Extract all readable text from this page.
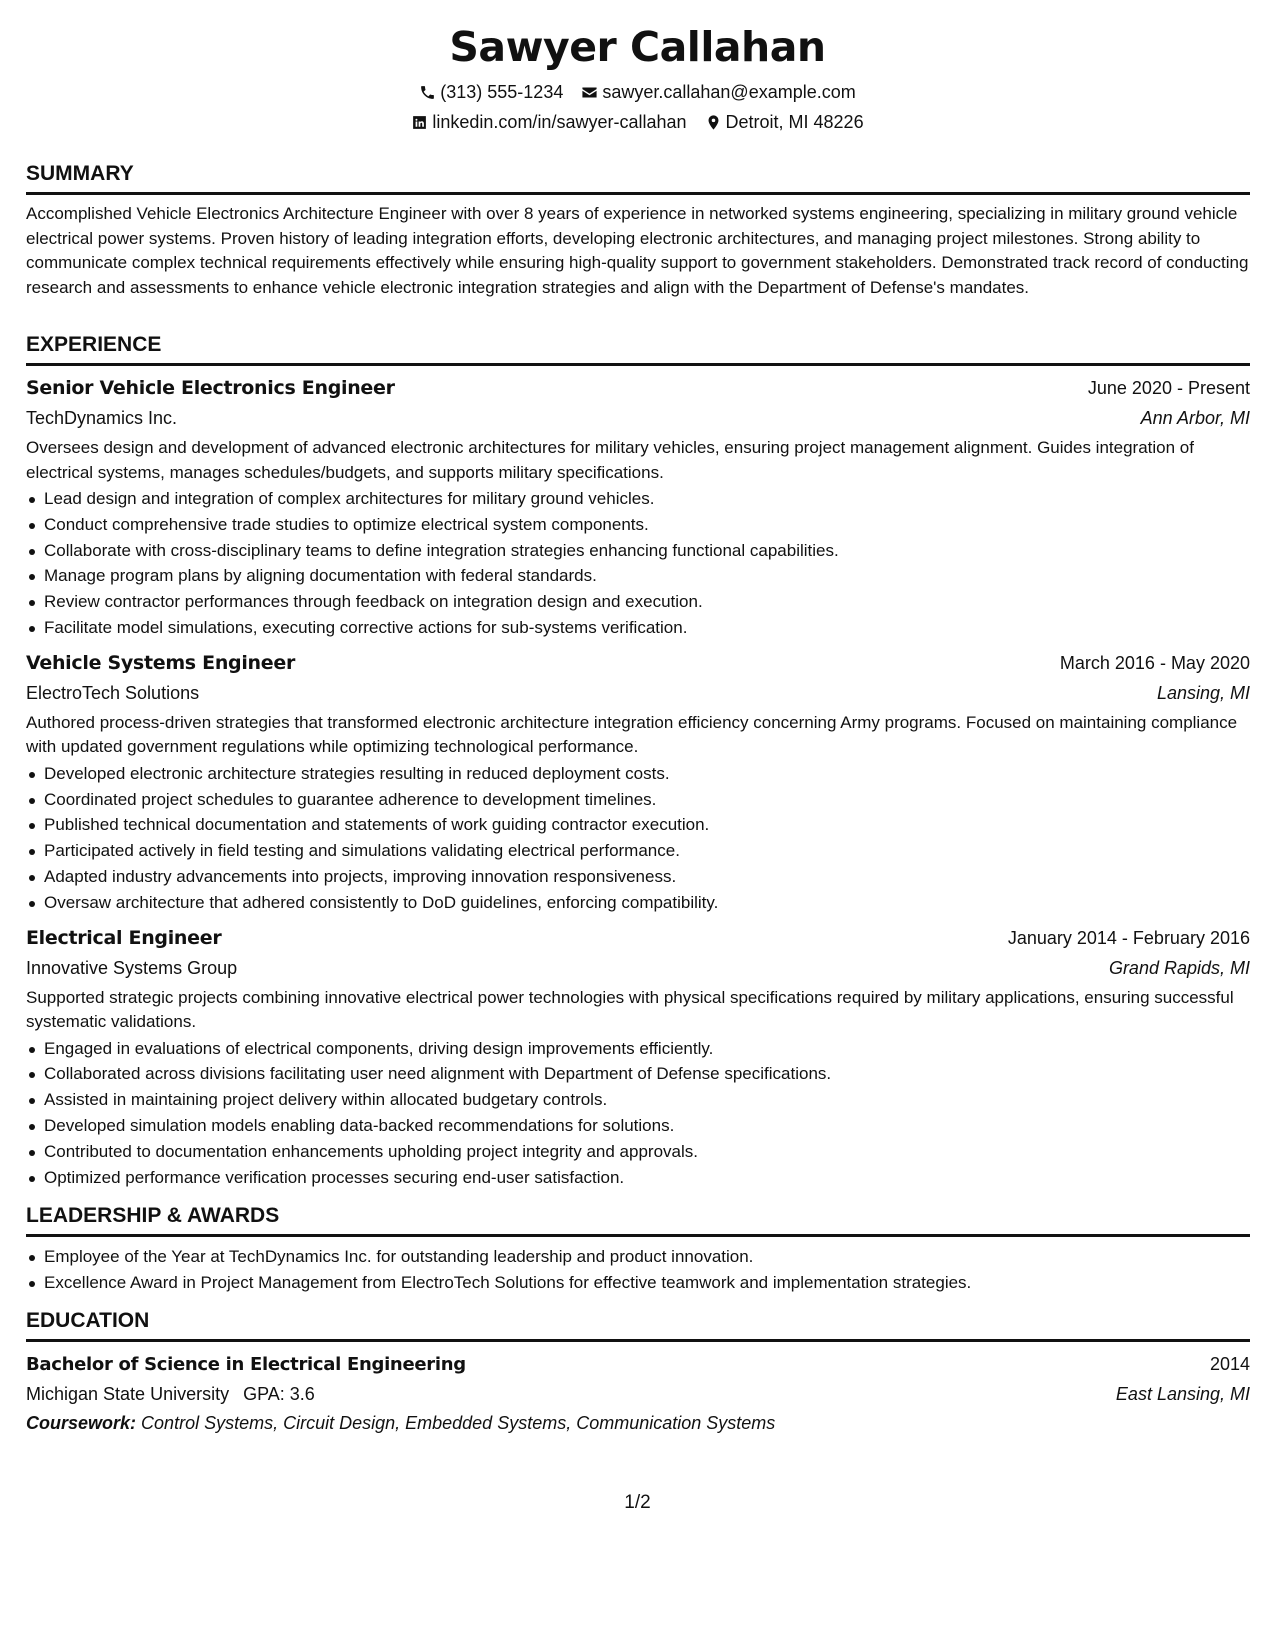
Sawyer Callahan
(313) 555-1234 sawyer.callahan@example.com
linkedin.com/in/sawyer-callahan Detroit, MI 48226
SUMMARY
Accomplished Vehicle Electronics Architecture Engineer with over 8 years of experience in networked systems engineering, specializing in military ground vehicle electrical power systems. Proven history of leading integration efforts, developing electronic architectures, and managing project milestones. Strong ability to communicate complex technical requirements effectively while ensuring high-quality support to government stakeholders. Demonstrated track record of conducting research and assessments to enhance vehicle electronic integration strategies and align with the Department of Defense's mandates.
EXPERIENCE
Senior Vehicle Electronics Engineer	June 2020 - Present
TechDynamics Inc.	Ann Arbor, MI
Oversees design and development of advanced electronic architectures for military vehicles, ensuring project management alignment. Guides integration of electrical systems, manages schedules/budgets, and supports military specifications.
Lead design and integration of complex architectures for military ground vehicles.
Conduct comprehensive trade studies to optimize electrical system components.
Collaborate with cross-disciplinary teams to define integration strategies enhancing functional capabilities.
Manage program plans by aligning documentation with federal standards.
Review contractor performances through feedback on integration design and execution.
Facilitate model simulations, executing corrective actions for sub-systems verification.
Vehicle Systems Engineer	March 2016 - May 2020
ElectroTech Solutions	Lansing, MI
Authored process-driven strategies that transformed electronic architecture integration efficiency concerning Army programs. Focused on maintaining compliance with updated government regulations while optimizing technological performance.
Developed electronic architecture strategies resulting in reduced deployment costs.
Coordinated project schedules to guarantee adherence to development timelines.
Published technical documentation and statements of work guiding contractor execution.
Participated actively in field testing and simulations validating electrical performance.
Adapted industry advancements into projects, improving innovation responsiveness.
Oversaw architecture that adhered consistently to DoD guidelines, enforcing compatibility.
Electrical Engineer	January 2014 - February 2016
Innovative Systems Group	Grand Rapids, MI
Supported strategic projects combining innovative electrical power technologies with physical specifications required by military applications, ensuring successful systematic validations.
Engaged in evaluations of electrical components, driving design improvements efficiently.
Collaborated across divisions facilitating user need alignment with Department of Defense specifications.
Assisted in maintaining project delivery within allocated budgetary controls.
Developed simulation models enabling data-backed recommendations for solutions.
Contributed to documentation enhancements upholding project integrity and approvals.
Optimized performance verification processes securing end-user satisfaction.
LEADERSHIP & AWARDS
Employee of the Year at TechDynamics Inc. for outstanding leadership and product innovation.
Excellence Award in Project Management from ElectroTech Solutions for effective teamwork and implementation strategies.
EDUCATION
Bachelor of Science in Electrical Engineering	2014
Michigan State University GPA: 3.6	East Lansing, MI
Coursework: Control Systems, Circuit Design, Embedded Systems, Communication Systems
1/2
